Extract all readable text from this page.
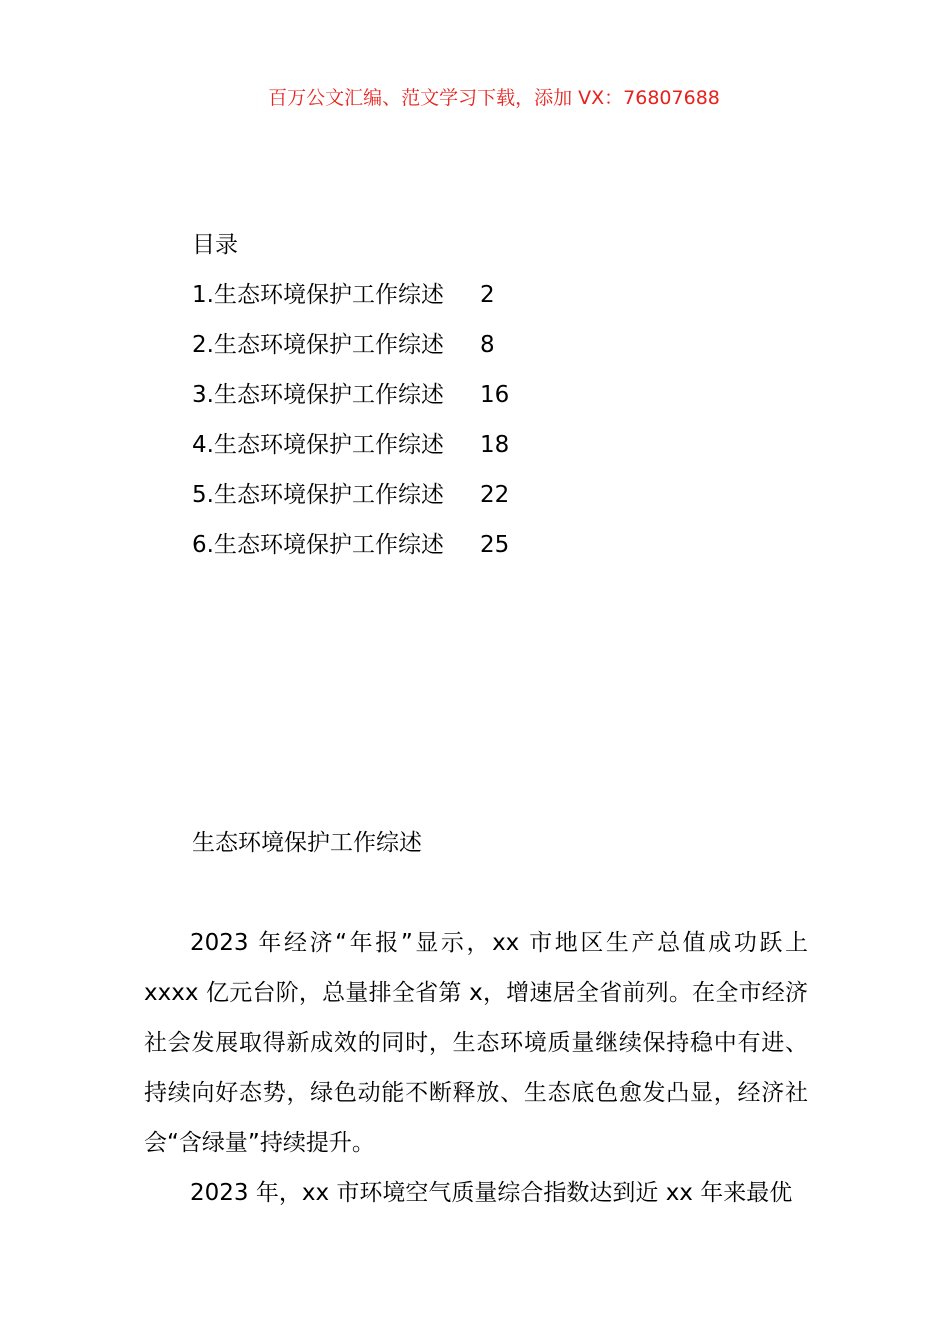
百万公文汇编、范文学习下载，添加 VX：76807688
目录
1.生态环境保护工作综述	2
2.生态环境保护工作综述	8
3.生态环境保护工作综述	16
4.生态环境保护工作综述	18
5.生态环境保护工作综述	22
6.生态环境保护工作综述	25
生态环境保护工作综述

2023 年经济“年报”显示，xx 市地区生产总值成功跃上 xxxx 亿元台阶，总量排全省第 x，增速居全省前列。在全市经济社会发展取得新成效的同时，生态环境质量继续保持稳中有进、持续向好态势，绿色动能不断释放、生态底色愈发凸显，经济社会“含绿量”持续提升。

2023 年，xx 市环境空气质量综合指数达到近 xx 年来最优
